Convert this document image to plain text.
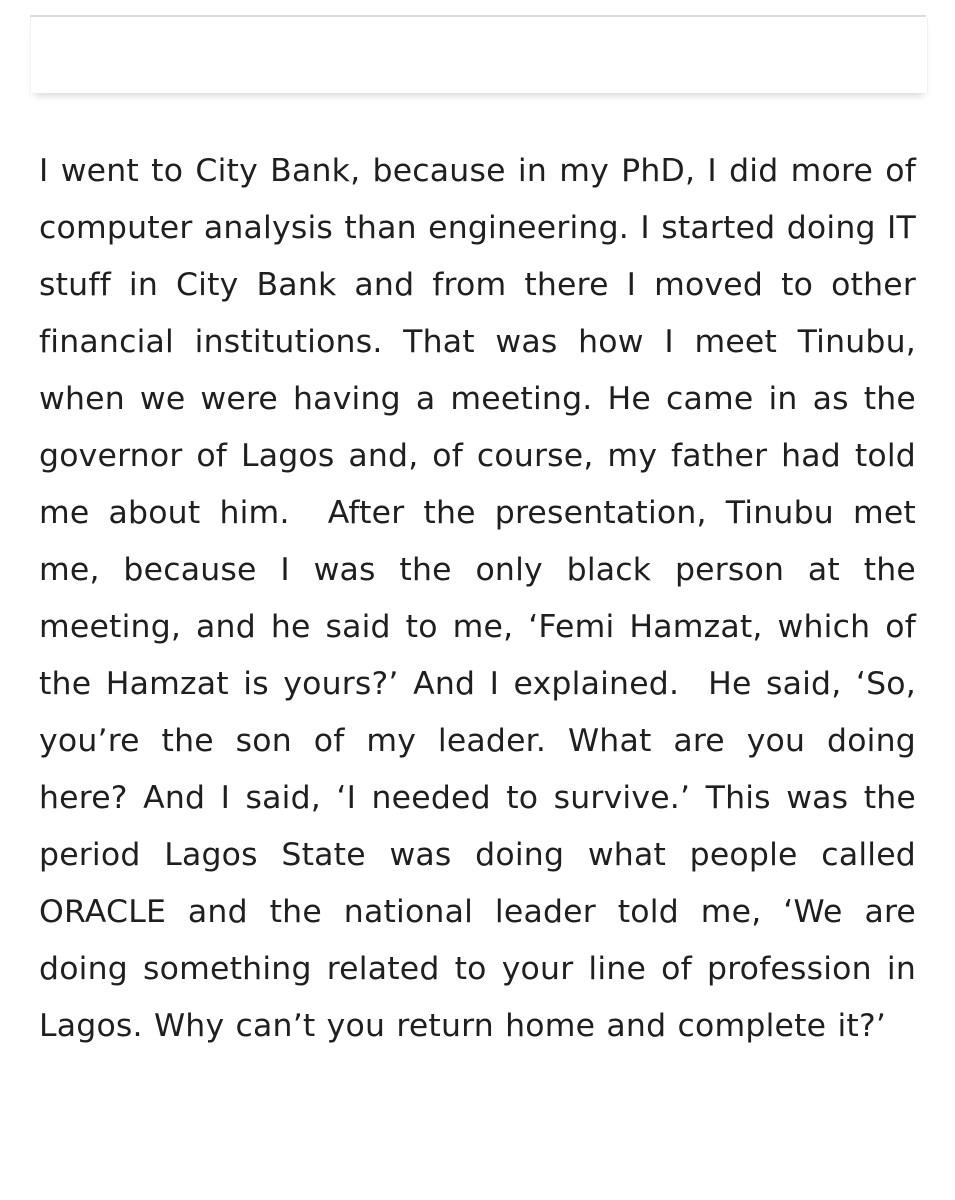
I went to City Bank, because in my PhD, I did more of computer analysis than engineering. I started doing IT stuff in City Bank and from there I moved to other financial institutions. That was how I meet Tinubu, when we were having a meeting. He came in as the governor of Lagos and, of course, my father had told me about him.  After the presentation, Tinubu met me, because I was the only black person at the meeting, and he said to me, ‘Femi Hamzat, which of the Hamzat is yours?’ And I explained.  He said, ‘So, you’re the son of my leader. What are you doing here? And I said, ‘I needed to survive.’ This was the period Lagos State was doing what people called ORACLE and the national leader told me, ‘We are doing something related to your line of profession in Lagos. Why can’t you return home and complete it?’
